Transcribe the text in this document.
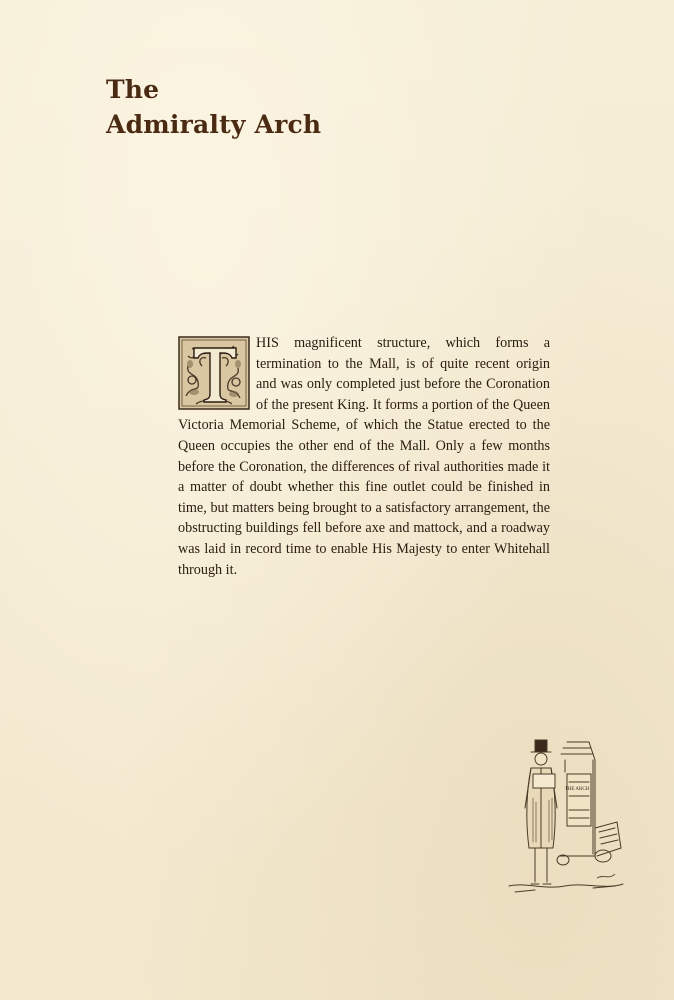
The
Admiralty Arch
HIS magnificent structure, which forms a termination to the Mall, is of quite recent origin and was only completed just before the Coronation of the present King. It forms a portion of the Queen Victoria Memorial Scheme, of which the Statue erected to the Queen occupies the other end of the Mall. Only a few months before the Coronation, the differences of rival authorities made it a matter of doubt whether this fine outlet could be finished in time, but matters being brought to a satisfactory arrangement, the obstructing buildings fell before axe and mattock, and a roadway was laid in record time to enable His Majesty to enter Whitehall through it.
THE ARCH
